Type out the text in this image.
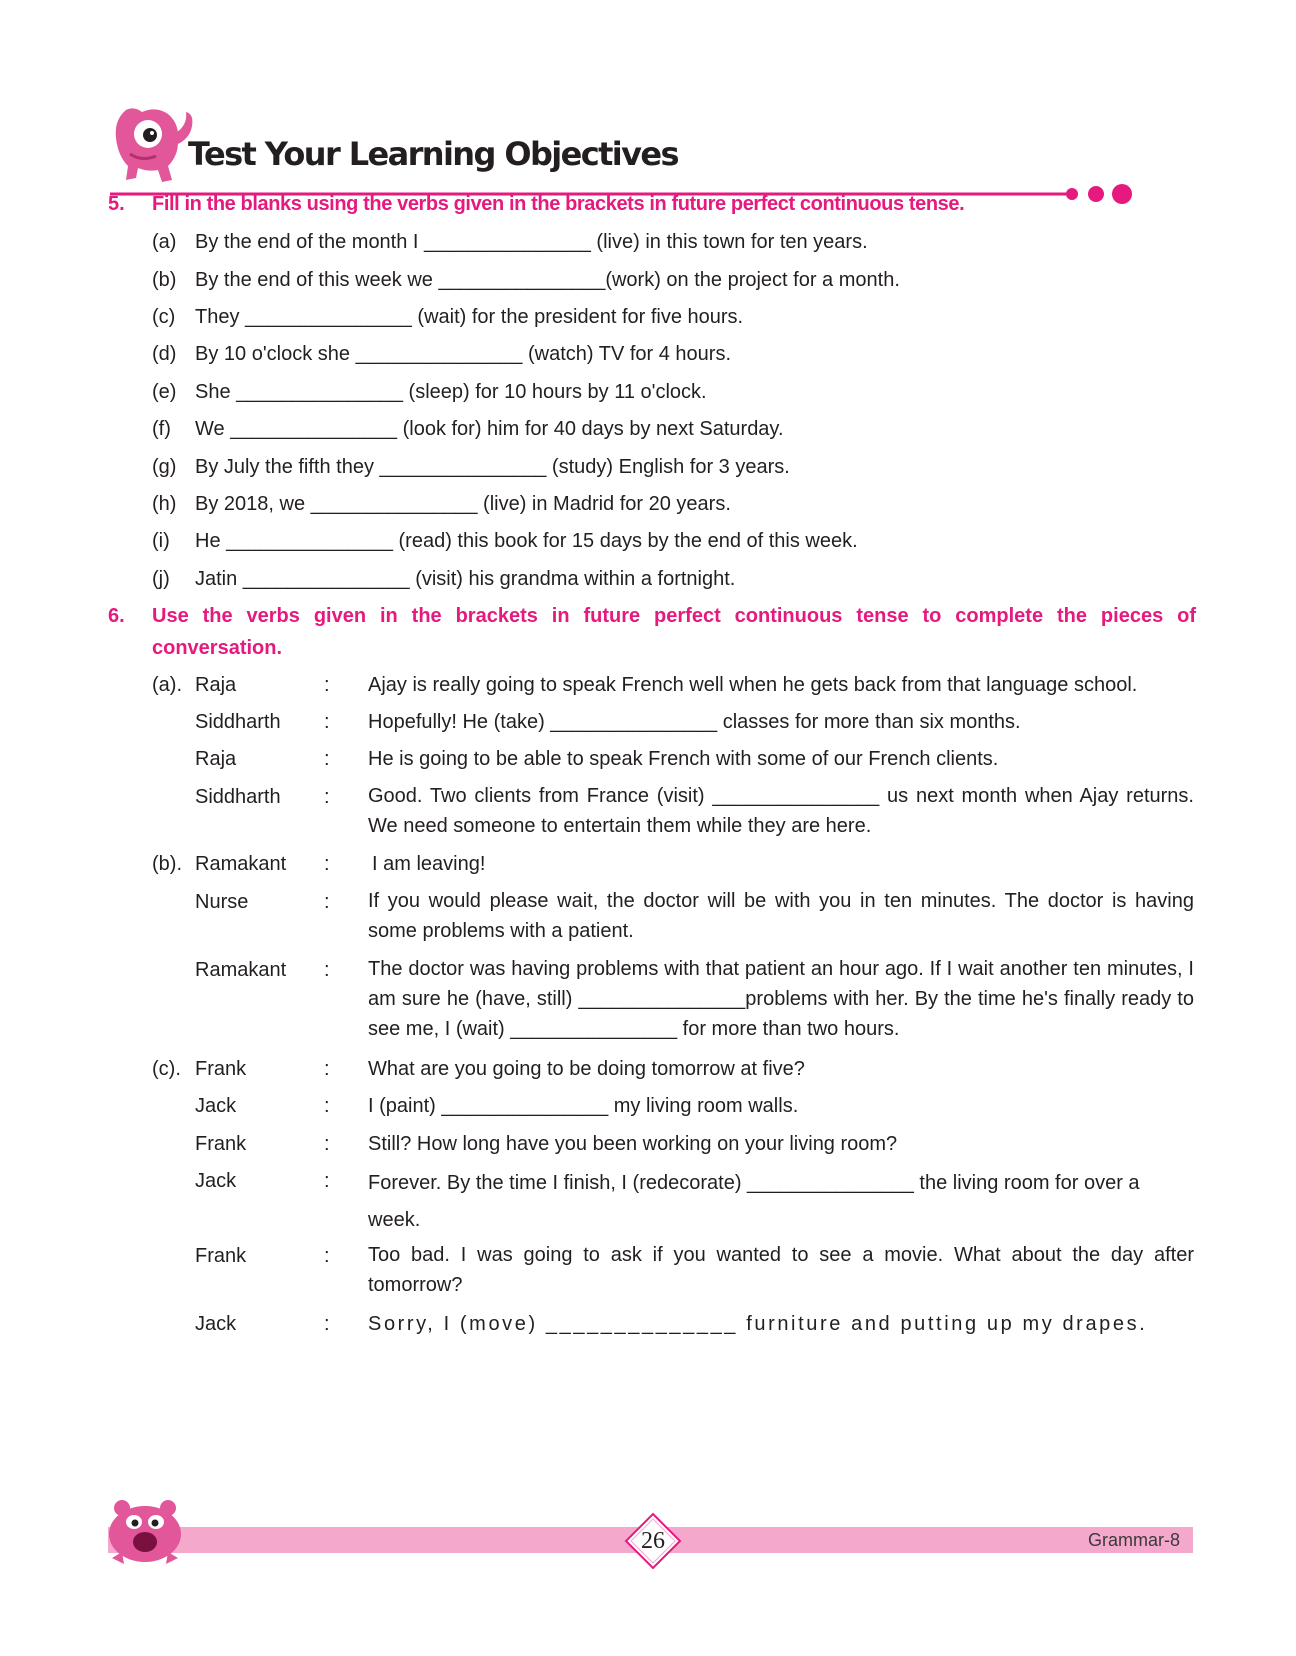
Test Your Learning Objectives
5. Fill in the blanks using the verbs given in the brackets in future perfect continuous tense.
(a) By the end of the month I _______________ (live) in this town for ten years.
(b) By the end of this week we _______________(work) on the project for a month.
(c) They _______________ (wait) for the president for five hours.
(d) By 10 o'clock she _______________ (watch) TV for 4 hours.
(e) She _______________ (sleep) for 10 hours by 11 o'clock.
(f) We _______________ (look for) him for 40 days by next Saturday.
(g) By July the fifth they _______________ (study) English for 3 years.
(h) By 2018, we _______________ (live) in Madrid for 20 years.
(i) He _______________ (read) this book for 15 days by the end of this week.
(j) Jatin _______________ (visit) his grandma within a fortnight.
6. Use the verbs given in the brackets in future perfect continuous tense to complete the pieces of conversation.
(a). Raja	: Ajay is really going to speak French well when he gets back from that language school.
Siddharth : Hopefully! He (take) _______________ classes for more than six months.
Raja	: He is going to be able to speak French with some of our French clients.
Siddharth : Good. Two clients from France (visit) _______________ us next month when Ajay returns. We need someone to entertain them while they are here.
(b). Ramakant : I am leaving!
Nurse	: If you would please wait, the doctor will be with you in ten minutes. The doctor is having some problems with a patient.
Ramakant : The doctor was having problems with that patient an hour ago. If I wait another ten minutes, I am sure he (have, still) _______________problems with her. By the time he's finally ready to see me, I (wait) _______________ for more than two hours.
(c). Frank	: What are you going to be doing tomorrow at five?
Jack	: I (paint) _______________ my living room walls.
Frank	: Still? How long have you been working on your living room?
Jack	: Forever. By the time I finish, I (redecorate) _______________ the living room for over a week.
Frank	: Too bad. I was going to ask if you wanted to see a movie. What about the day after tomorrow?
Jack	: Sorry, I (move) ______________ furniture and putting up my drapes.
26	Grammar-8
